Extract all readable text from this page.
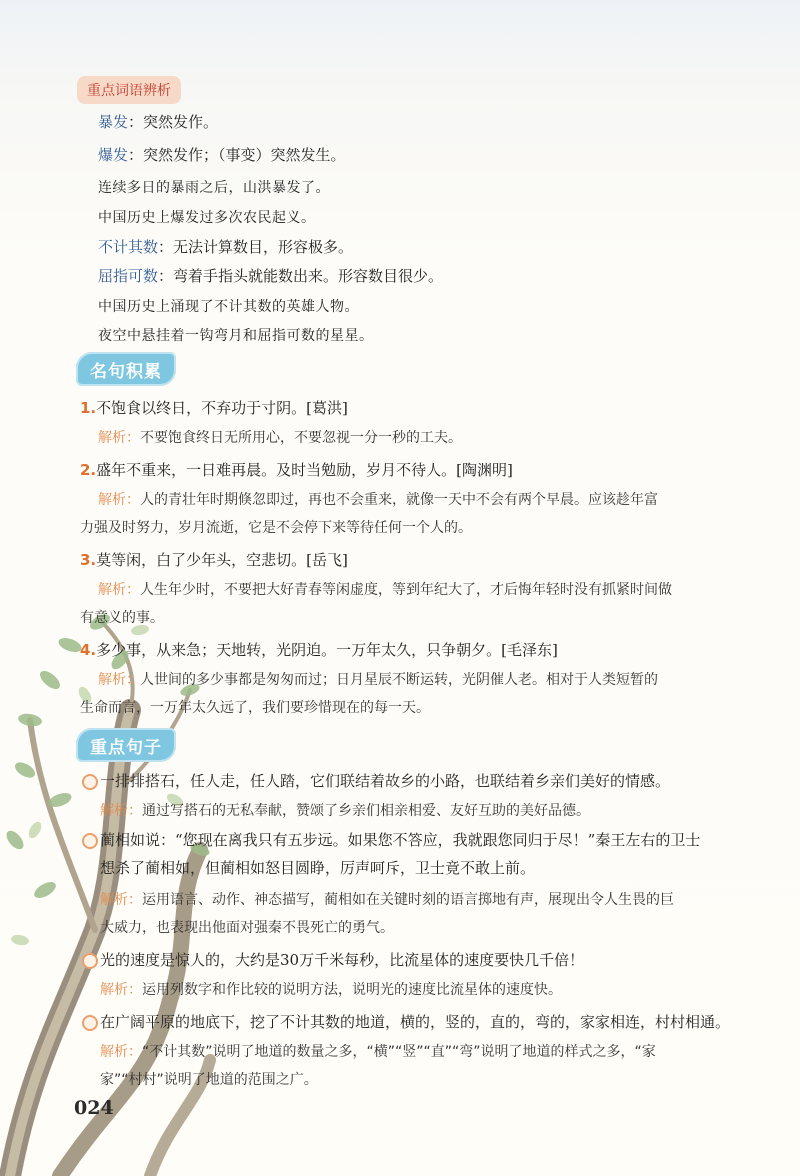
重点词语辨析
暴发：突然发作。
爆发：突然发作；（事变）突然发生。
连续多日的暴雨之后，山洪暴发了。
中国历史上爆发过多次农民起义。
不计其数：无法计算数目，形容极多。
屈指可数：弯着手指头就能数出来。形容数目很少。
中国历史上涌现了不计其数的英雄人物。
夜空中悬挂着一钩弯月和屈指可数的星星。
名句积累
1.不饱食以终日，不弃功于寸阴。[葛洪]
解析：不要饱食终日无所用心，不要忽视一分一秒的工夫。
2.盛年不重来，一日难再晨。及时当勉励，岁月不待人。[陶渊明]
解析：人的青壮年时期倏忽即过，再也不会重来，就像一天中不会有两个早晨。应该趁年富
力强及时努力，岁月流逝，它是不会停下来等待任何一个人的。
3.莫等闲，白了少年头，空悲切。[岳飞]
解析：人生年少时，不要把大好青春等闲虚度，等到年纪大了，才后悔年轻时没有抓紧时间做
有意义的事。
4.多少事，从来急；天地转，光阴迫。一万年太久，只争朝夕。[毛泽东]
解析：人世间的多少事都是匆匆而过；日月星辰不断运转，光阴催人老。相对于人类短暂的
生命而言，一万年太久远了，我们要珍惜现在的每一天。
重点句子
一排排搭石，任人走，任人踏，它们联结着故乡的小路，也联结着乡亲们美好的情感。
解析：通过写搭石的无私奉献，赞颂了乡亲们相亲相爱、友好互助的美好品德。
蔺相如说：“您现在离我只有五步远。如果您不答应，我就跟您同归于尽！”秦王左右的卫士
想杀了蔺相如，但蔺相如怒目圆睁，厉声呵斥，卫士竟不敢上前。
解析：运用语言、动作、神态描写，蔺相如在关键时刻的语言掷地有声，展现出令人生畏的巨
大威力，也表现出他面对强秦不畏死亡的勇气。
光的速度是惊人的，大约是30万千米每秒，比流星体的速度要快几千倍！
解析：运用列数字和作比较的说明方法，说明光的速度比流星体的速度快。
在广阔平原的地底下，挖了不计其数的地道，横的，竖的，直的，弯的，家家相连，村村相通。
解析：“不计其数”说明了地道的数量之多，“横”“竖”“直”“弯”说明了地道的样式之多，“家
家”“村村”说明了地道的范围之广。
024
